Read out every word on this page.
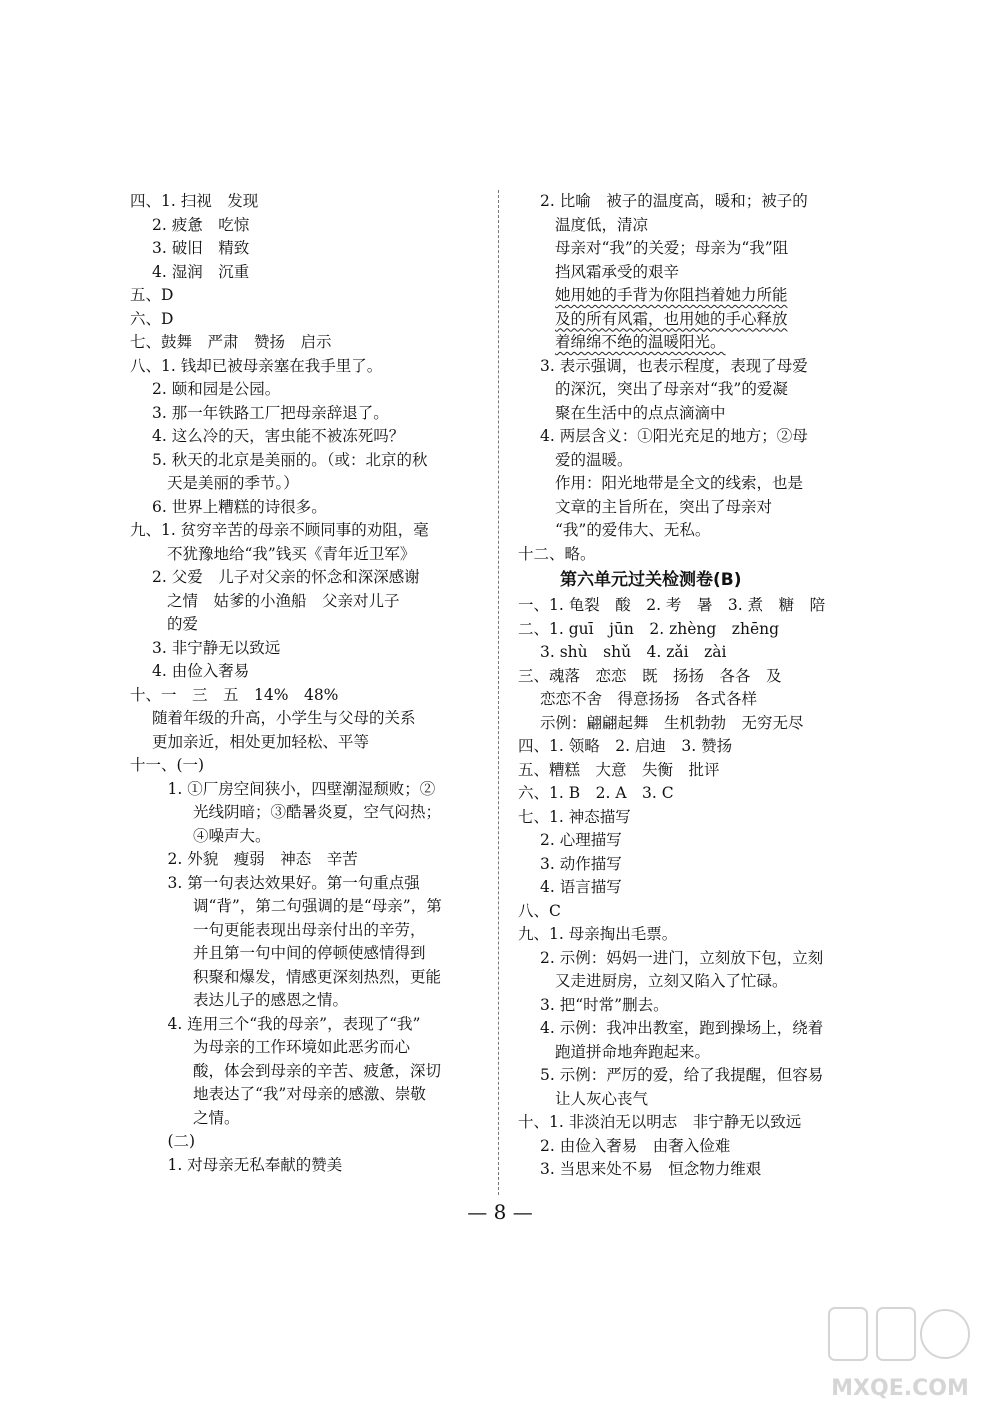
四、1. 扫视　发现
2. 疲惫　吃惊
3. 破旧　精致
4. 湿润　沉重
五、D
六、D
七、鼓舞　严肃　赞扬　启示
八、1. 钱却已被母亲塞在我手里了。
2. 颐和园是公园。
3. 那一年铁路工厂把母亲辞退了。
4. 这么冷的天，害虫能不被冻死吗？
5. 秋天的北京是美丽的。（或：北京的秋
天是美丽的季节。）
6. 世界上糟糕的诗很多。
九、1. 贫穷辛苦的母亲不顾同事的劝阻，毫
不犹豫地给“我”钱买《青年近卫军》
2. 父爱　儿子对父亲的怀念和深深感谢
之情　姑爹的小渔船　父亲对儿子
的爱
3. 非宁静无以致远
4. 由俭入奢易
十、一　三　五　14%　48%
随着年级的升高，小学生与父母的关系
更加亲近，相处更加轻松、平等
十一、(一)
　1. ①厂房空间狭小，四壁潮湿颓败；②
光线阴暗；③酷暑炎夏，空气闷热；
④噪声大。
　2. 外貌　瘦弱　神态　辛苦
　3. 第一句表达效果好。第一句重点强
调“背”，第二句强调的是“母亲”，第
一句更能表现出母亲付出的辛劳，
并且第一句中间的停顿使感情得到
积聚和爆发，情感更深刻热烈，更能
表达儿子的感恩之情。
　4. 连用三个“我的母亲”，表现了“我”
为母亲的工作环境如此恶劣而心
酸，体会到母亲的辛苦、疲惫，深切
地表达了“我”对母亲的感激、崇敬
之情。
　(二)
　1. 对母亲无私奉献的赞美
2. 比喻　被子的温度高，暖和；被子的
温度低，清凉
母亲对“我”的关爱；母亲为“我”阻
挡风霜承受的艰辛
她用她的手背为你阻挡着她力所能
及的所有风霜，也用她的手心释放
着绵绵不绝的温暖阳光。
3. 表示强调，也表示程度，表现了母爱
的深沉，突出了母亲对“我”的爱凝
聚在生活中的点点滴滴中
4. 两层含义：①阳光充足的地方；②母
爱的温暖。
作用：阳光地带是全文的线索，也是
文章的主旨所在，突出了母亲对
“我”的爱伟大、无私。
十二、略。
第六单元过关检测卷(B)
一、1. 龟裂　酸　2. 考　暑　3. 煮　糖　陪
二、1. guī　jūn　2. zhèng　zhēng
3. shù　shǔ　4. zǎi　zài
三、魂落　恋恋　既　扬扬　各各　及
恋恋不舍　得意扬扬　各式各样
示例：翩翩起舞　生机勃勃　无穷无尽
四、1. 领略　2. 启迪　3. 赞扬
五、糟糕　大意　失衡　批评
六、1. B　2. A　3. C
七、1. 神态描写
2. 心理描写
3. 动作描写
4. 语言描写
八、C
九、1. 母亲掏出毛票。
2. 示例：妈妈一进门，立刻放下包，立刻
又走进厨房，立刻又陷入了忙碌。
3. 把“时常”删去。
4. 示例：我冲出教室，跑到操场上，绕着
跑道拼命地奔跑起来。
5. 示例：严厉的爱，给了我提醒，但容易
让人灰心丧气
十、1. 非淡泊无以明志　非宁静无以致远
2. 由俭入奢易　由奢入俭难
3. 当思来处不易　恒念物力维艰
— 8 —
MXQE.COM
